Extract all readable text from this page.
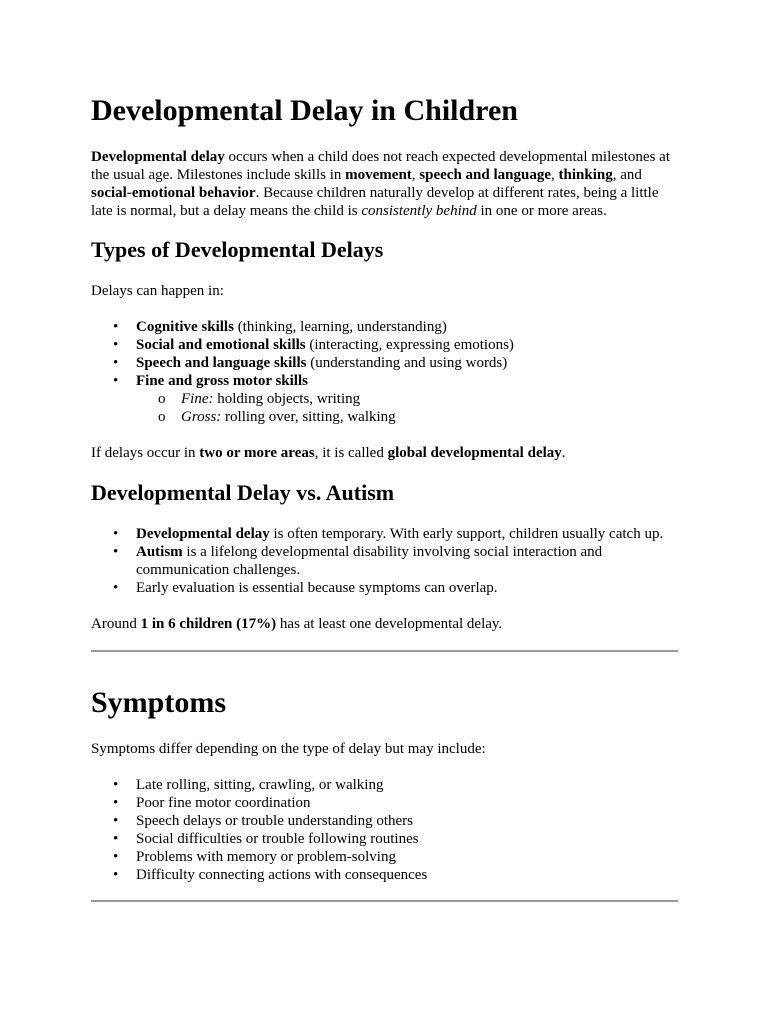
Developmental Delay in Children

Developmental delay occurs when a child does not reach expected developmental milestones at the usual age. Milestones include skills in movement, speech and language, thinking, and social-emotional behavior. Because children naturally develop at different rates, being a little late is normal, but a delay means the child is consistently behind in one or more areas.

Types of Developmental Delays

Delays can happen in:

• Cognitive skills (thinking, learning, understanding)
• Social and emotional skills (interacting, expressing emotions)
• Speech and language skills (understanding and using words)
• Fine and gross motor skills
o Fine: holding objects, writing
o Gross: rolling over, sitting, walking

If delays occur in two or more areas, it is called global developmental delay.

Developmental Delay vs. Autism
• Developmental delay is often temporary. With early support, children usually catch up.
• Autism is a lifelong developmental disability involving social interaction and communication challenges.
• Early evaluation is essential because symptoms can overlap.

Around 1 in 6 children (17%) has at least one developmental delay.

Symptoms

Symptoms differ depending on the type of delay but may include:

• Late rolling, sitting, crawling, or walking
• Poor fine motor coordination
• Speech delays or trouble understanding others
• Social difficulties or trouble following routines
• Problems with memory or problem-solving
• Difficulty connecting actions with consequences
